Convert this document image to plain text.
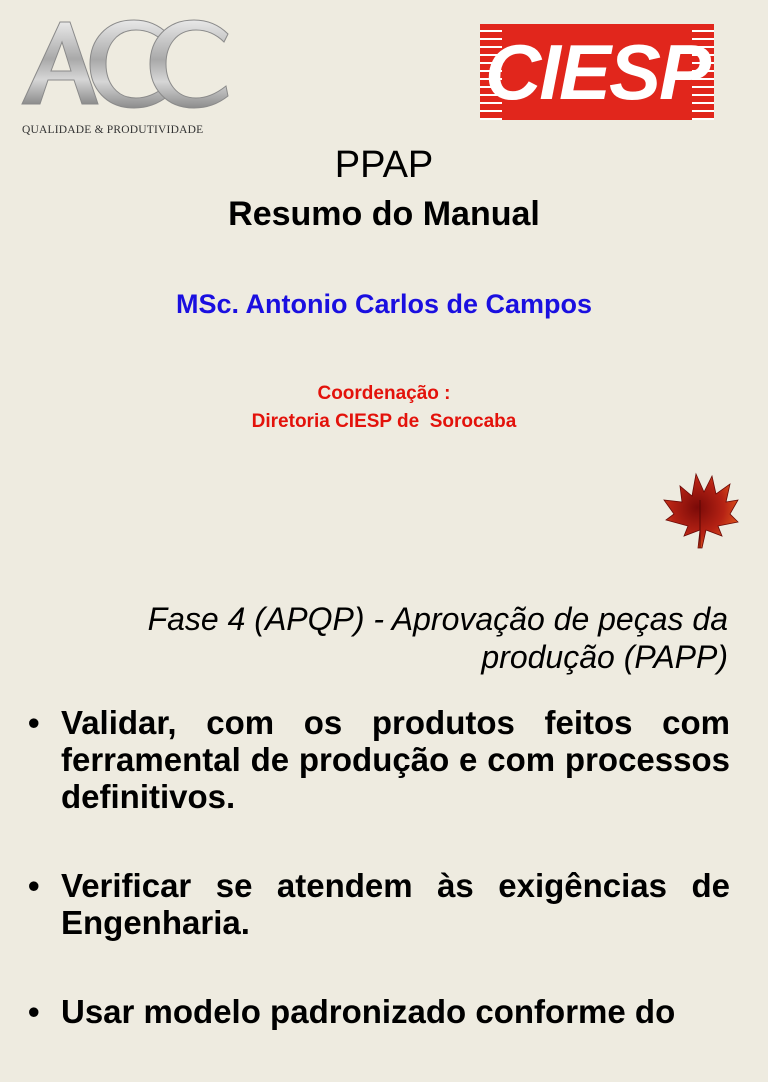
QUALIDADE & PRODUTIVIDADE
CIESP
PPAP
Resumo do Manual
MSc. Antonio Carlos de Campos
Coordenação :
Diretoria CIESP de  Sorocaba
Fase 4 (APQP) - Aprovação de peças da
produção (PAPP)
• Validar, com os produtos feitos com ferramental de produção e com processos definitivos.
• Verificar se atendem às exigências de Engenharia.
• Usar modelo padronizado conforme do
